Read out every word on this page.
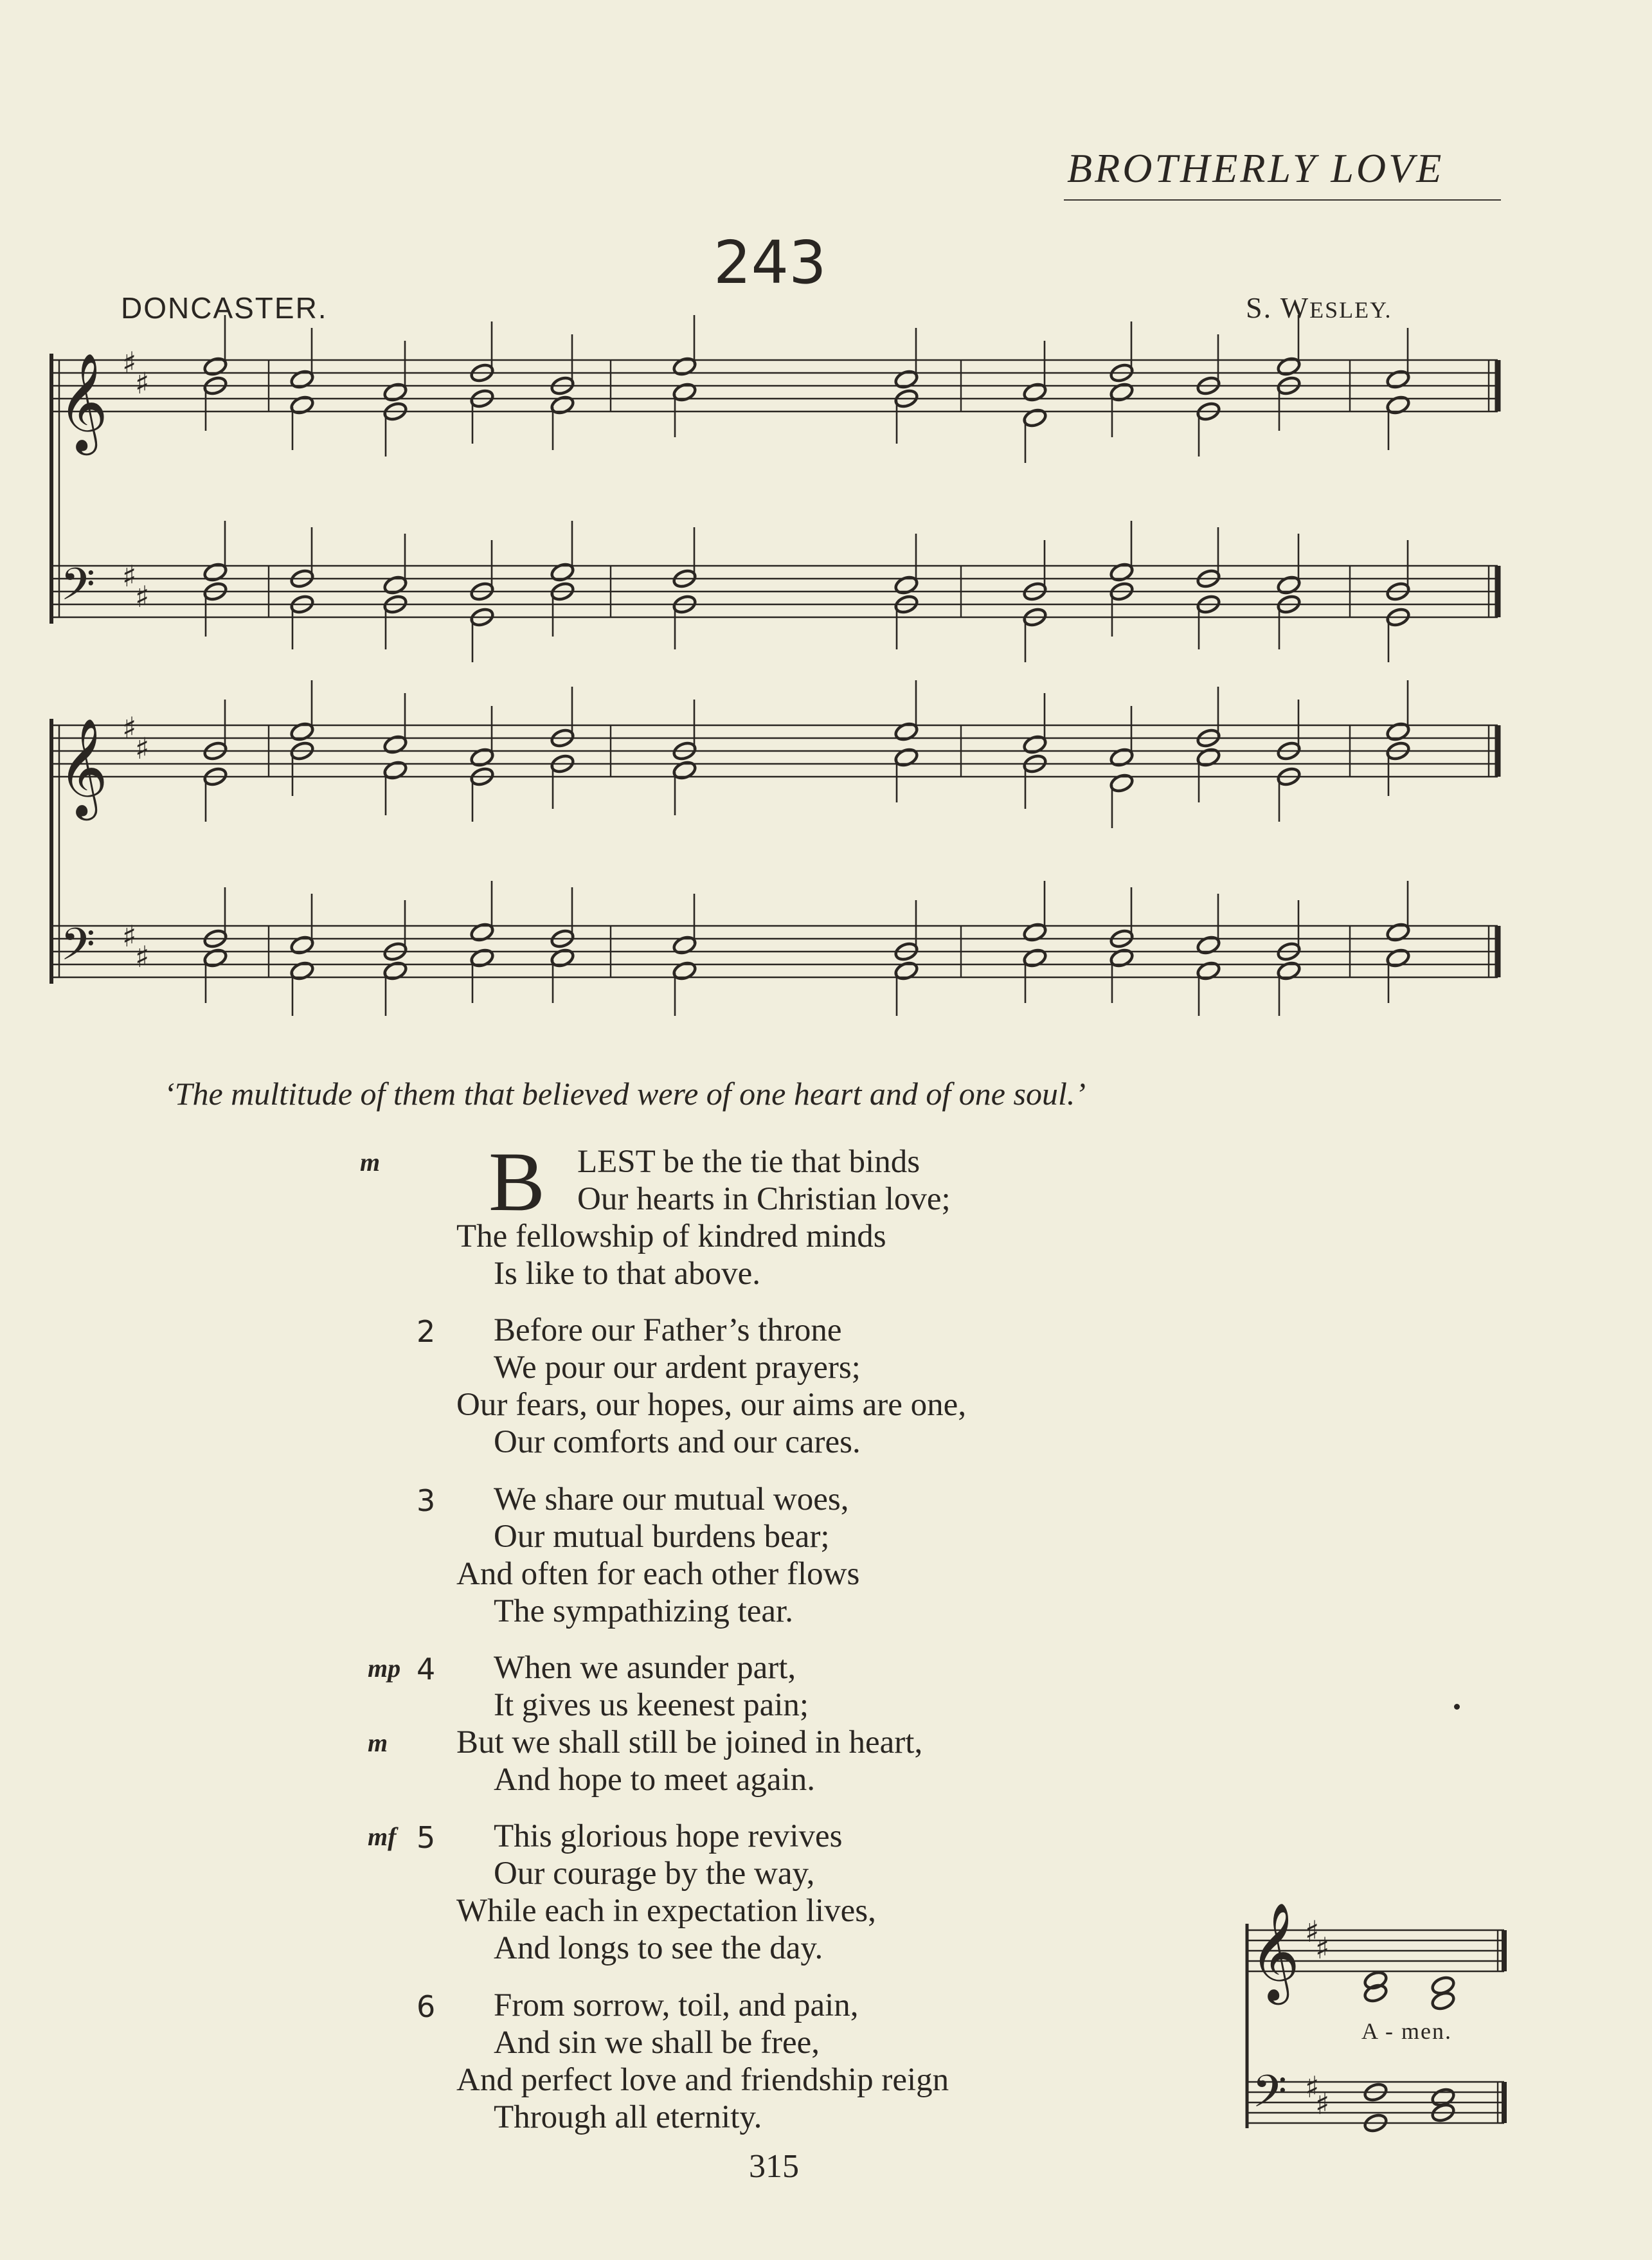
BROTHERLY LOVE
243
DONCASTER.	S. WESLEY.
𝄞
𝄢
♯
♯
♯
♯
𝄞
𝄢
♯
♯
♯
♯
𝄞
𝄢
♯
♯
♯
♯
‘The multitude of them that believed were of one heart and of one soul.’
B LEST be the tie that binds
Our hearts in Christian love;
The fellowship of kindred minds
Is like to that above.
m
Before our Father’s throne
We pour our ardent prayers;
Our fears, our hopes, our aims are one,
Our comforts and our cares.
2
We share our mutual woes,
Our mutual burdens bear;
And often for each other flows
The sympathizing tear.
3
When we asunder part,
It gives us keenest pain;
But we shall still be joined in heart,
And hope to meet again.
4
mp
m
This glorious hope revives
Our courage by the way,
While each in expectation lives,
And longs to see the day.
5
mf
From sorrow, toil, and pain,
And sin we shall be free,
And perfect love and friendship reign
Through all eternity.
6
A - men.
315
